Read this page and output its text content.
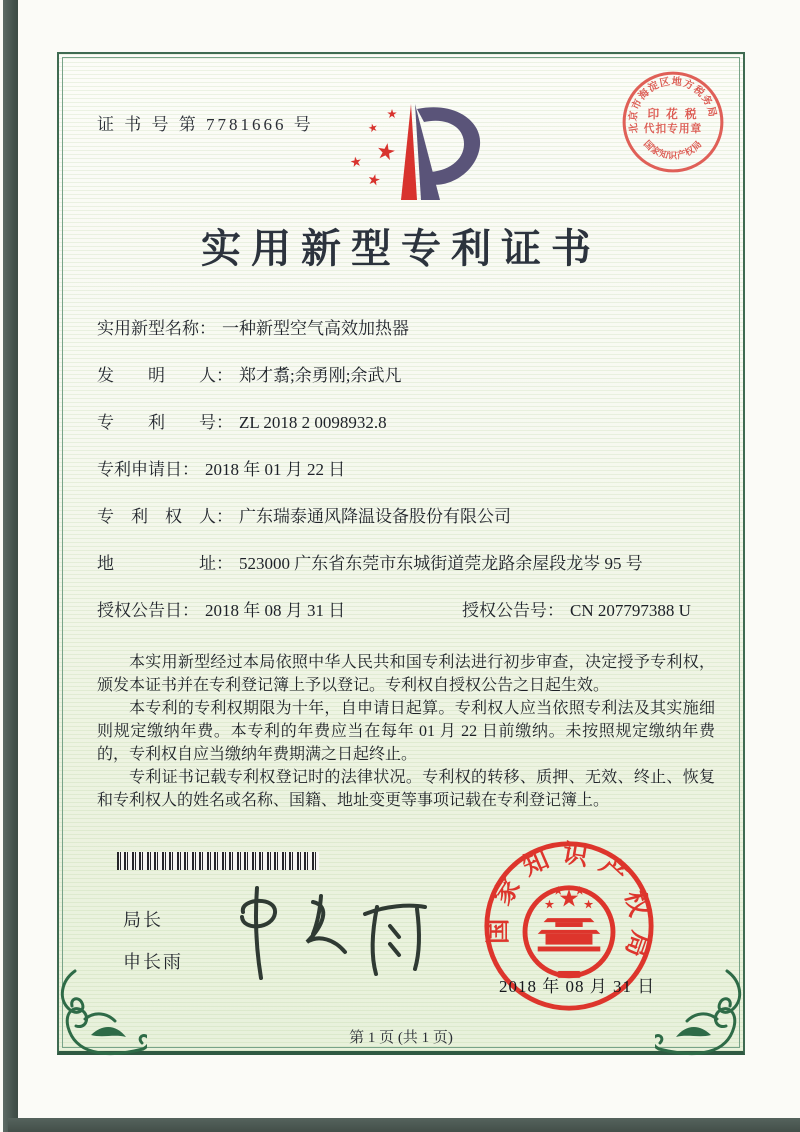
证 书 号 第 7781666 号	北京市海淀区地方税务局
国家知识产权局
印 花 税
代扣专用章
实用新型专利证书
实用新型名称： 一种新型空气高效加热器
发　　明　　人： 郑才翥;余勇刚;余武凡
专　　利　　号： ZL 2018 2 0098932.8
专利申请日： 2018 年 01 月 22 日
专　利　权　人： 广东瑞泰通风降温设备股份有限公司
地　　　　　址： 523000 广东省东莞市东城街道莞龙路余屋段龙岑 95 号
授权公告日： 2018 年 08 月 31 日	授权公告号： CN 207797388 U

本实用新型经过本局依照中华人民共和国专利法进行初步审查，决定授予专利权，颁发本证书并在专利登记簿上予以登记。专利权自授权公告之日起生效。

本专利的专利权期限为十年，自申请日起算。专利权人应当依照专利法及其实施细则规定缴纳年费。本专利的年费应当在每年 01 月 22 日前缴纳。未按照规定缴纳年费的，专利权自应当缴纳年费期满之日起终止。

专利证书记载专利权登记时的法律状况。专利权的转移、质押、无效、终止、恢复和专利权人的姓名或名称、国籍、地址变更等事项记载在专利登记簿上。

局长
申长雨
国家知识产权局
2018 年 08 月 31 日
第 1 页 (共 1 页)
